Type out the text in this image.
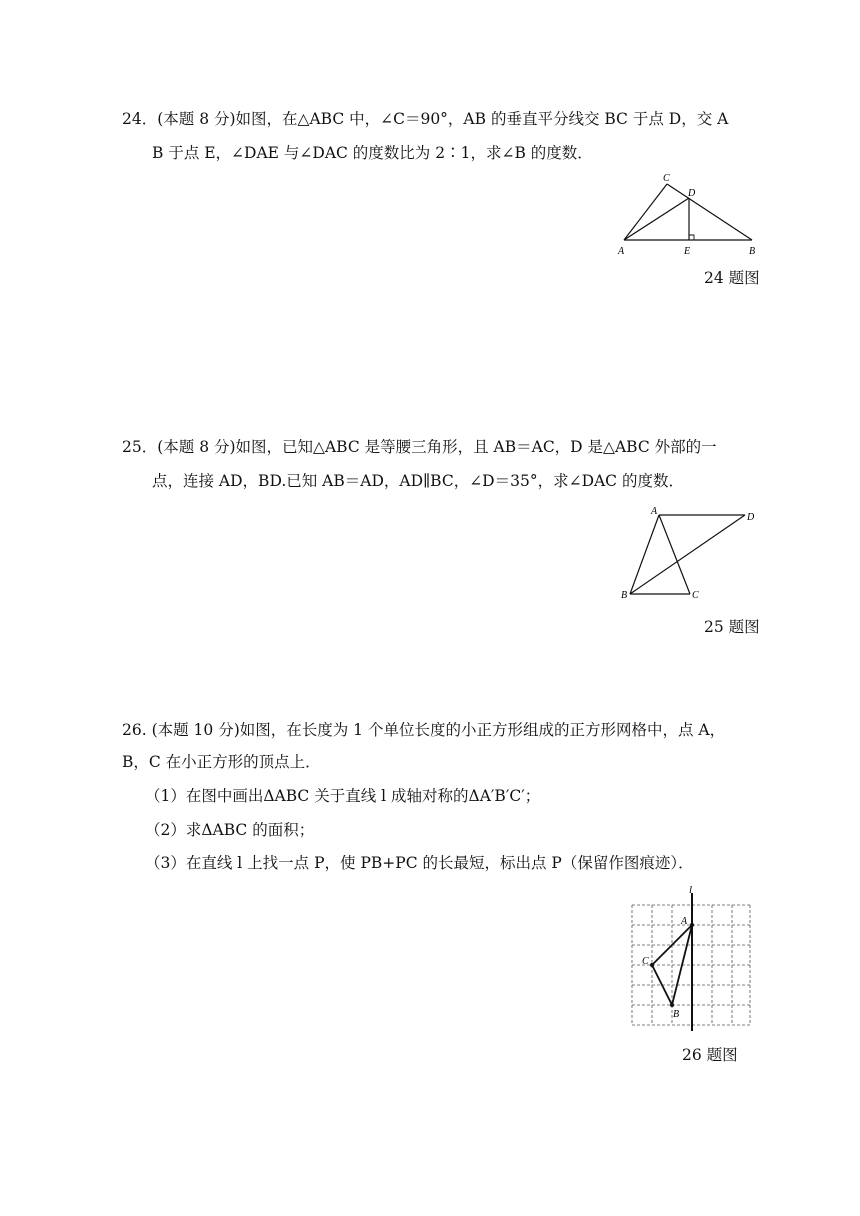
24．(本题 8 分)如图，在△ABC 中，∠C＝90°，AB 的垂直平分线交 BC 于点 D，交 A
B 于点 E，∠DAE 与∠DAC 的度数比为 2∶1，求∠B 的度数．
A
C
D
E	B
24 题图
25．(本题 8 分)如图，已知△ABC 是等腰三角形，且 AB＝AC，D 是△ABC 外部的一
点，连接 AD，BD.已知 AB＝AD，AD∥BC，∠D＝35°，求∠DAC 的度数．
A
D
B	C
25 题图
26. (本题 10 分)如图，在长度为 1 个单位长度的小正方形组成的正方形网格中，点 A，
B，C 在小正方形的顶点上．
（1）在图中画出ΔABC 关于直线 l 成轴对称的ΔA′B′C′；
（2）求ΔABC 的面积；
（3）在直线 l 上找一点 P，使 PB+PC 的长最短，标出点 P（保留作图痕迹）．
l
A
C
B
26 题图
